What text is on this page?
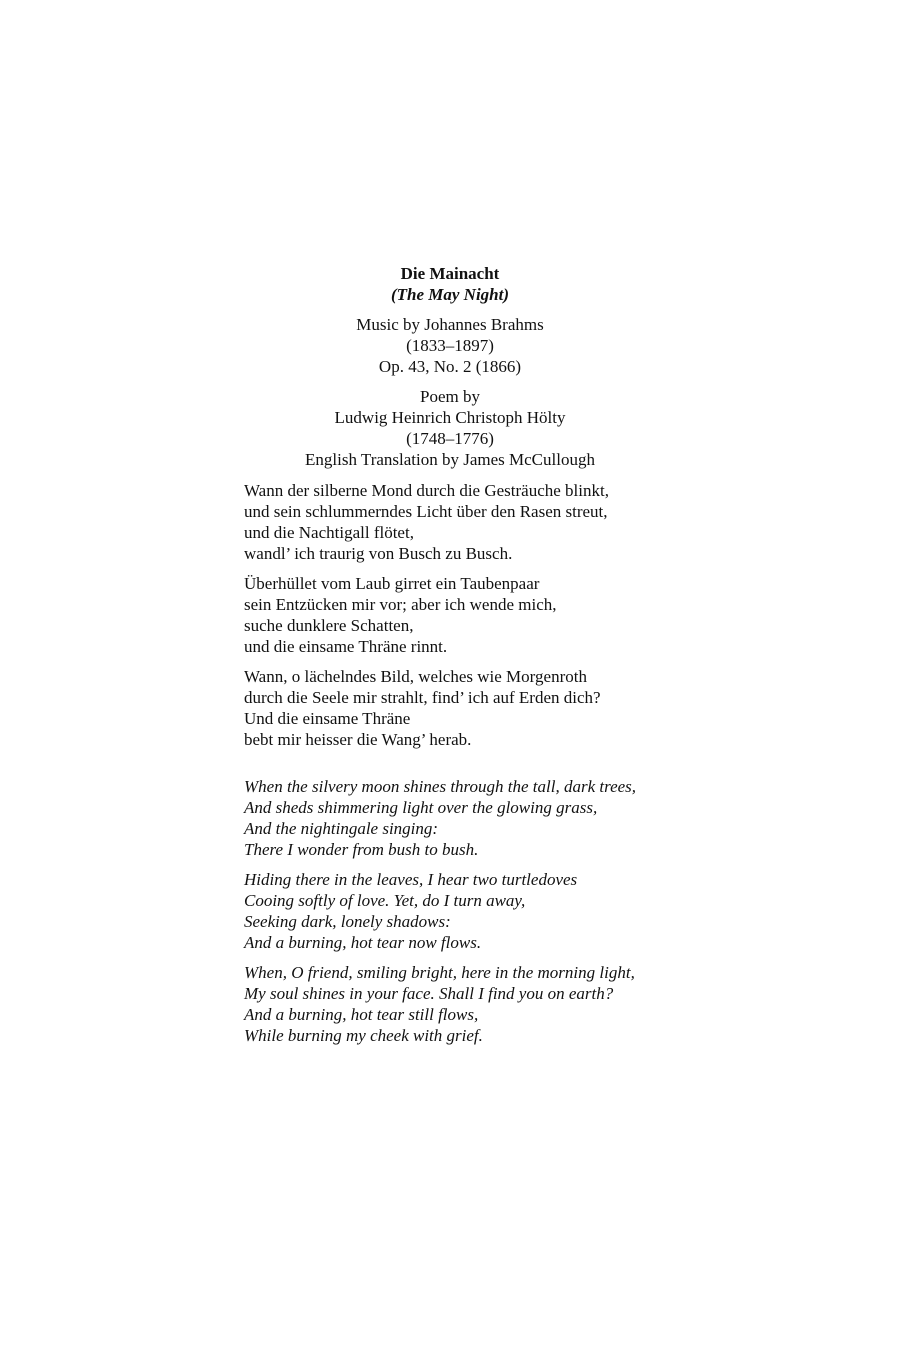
Die Mainacht
(The May Night)
Music by Johannes Brahms
(1833–1897)
Op. 43, No. 2 (1866)
Poem by
Ludwig Heinrich Christoph Hölty
(1748–1776)
English Translation by James McCullough
Wann der silberne Mond durch die Gesträuche blinkt,
und sein schlummerndes Licht über den Rasen streut,
und die Nachtigall flötet,
wandl’ ich traurig von Busch zu Busch.
Überhüllet vom Laub girret ein Taubenpaar
sein Entzücken mir vor; aber ich wende mich,
suche dunklere Schatten,
und die einsame Thräne rinnt.
Wann, o lächelndes Bild, welches wie Morgenroth
durch die Seele mir strahlt, find’ ich auf Erden dich?
Und die einsame Thräne
bebt mir heisser die Wang’ herab.
When the silvery moon shines through the tall, dark trees,
And sheds shimmering light over the glowing grass,
And the nightingale singing:
There I wonder from bush to bush.
Hiding there in the leaves, I hear two turtledoves
Cooing softly of love. Yet, do I turn away,
Seeking dark, lonely shadows:
And a burning, hot tear now flows.
When, O friend, smiling bright, here in the morning light,
My soul shines in your face. Shall I find you on earth?
And a burning, hot tear still flows,
While burning my cheek with grief.
